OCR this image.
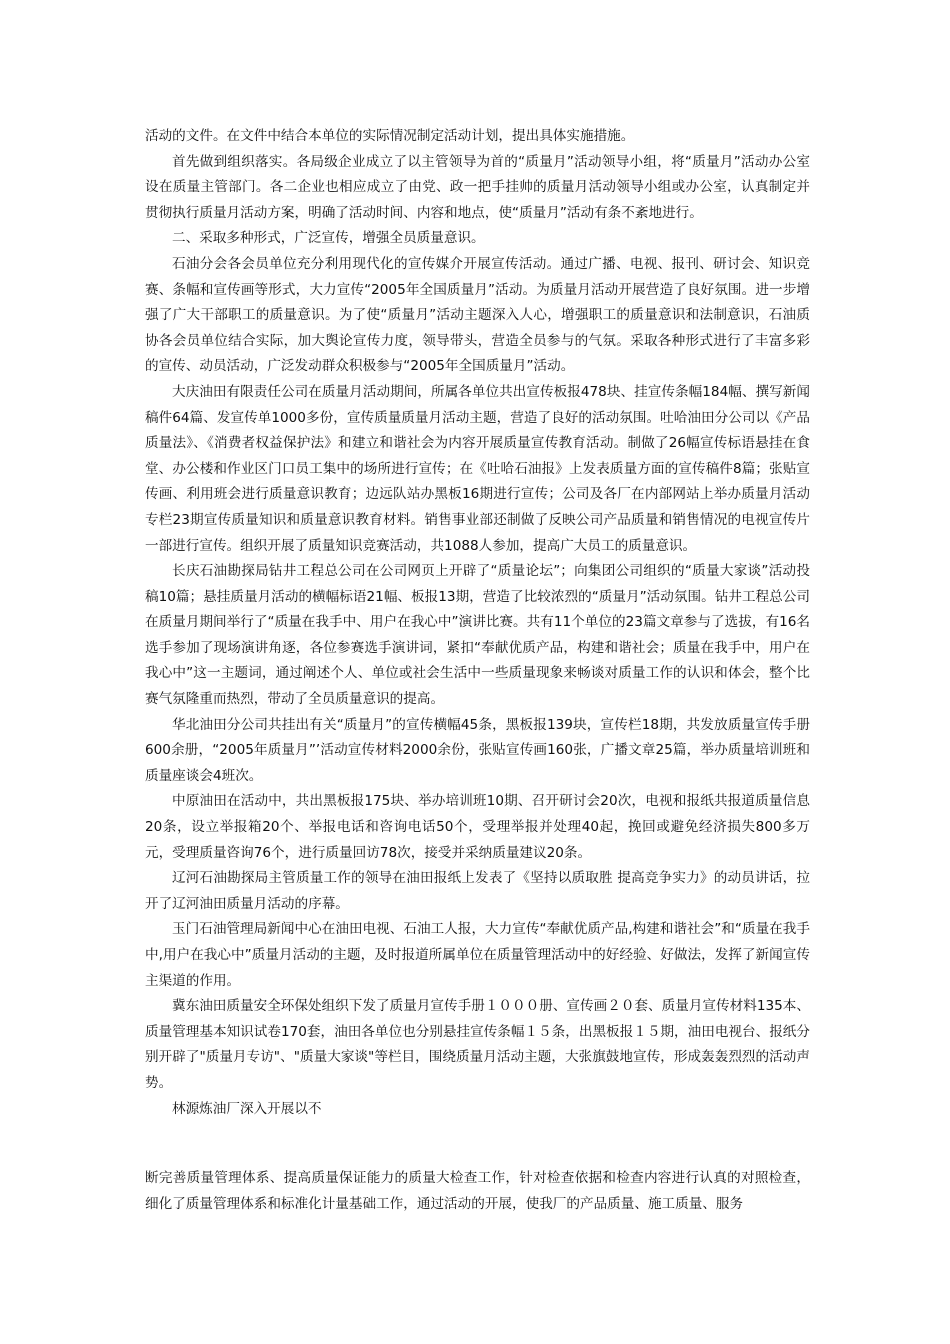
活动的文件。在文件中结合本单位的实际情况制定活动计划，提出具体实施措施。

首先做到组织落实。各局级企业成立了以主管领导为首的“质量月”活动领导小组，将“质量月”活动办公室设在质量主管部门。各二企业也相应成立了由党、政一把手挂帅的质量月活动领导小组或办公室，认真制定并贯彻执行质量月活动方案，明确了活动时间、内容和地点，使“质量月”活动有条不紊地进行。

二、采取多种形式，广泛宣传，增强全员质量意识。

石油分会各会员单位充分利用现代化的宣传媒介开展宣传活动。通过广播、电视、报刊、研讨会、知识竞赛、条幅和宣传画等形式，大力宣传“2005年全国质量月”活动。为质量月活动开展营造了良好氛围。进一步增强了广大干部职工的质量意识。为了使“质量月”活动主题深入人心，增强职工的质量意识和法制意识，石油质协各会员单位结合实际，加大舆论宣传力度，领导带头，营造全员参与的气氛。采取各种形式进行了丰富多彩的宣传、动员活动，广泛发动群众积极参与“2005年全国质量月”活动。

大庆油田有限责任公司在质量月活动期间，所属各单位共出宣传板报478块、挂宣传条幅184幅、撰写新闻稿件64篇、发宣传单1000多份，宣传质量质量月活动主题，营造了良好的活动氛围。吐哈油田分公司以《产品质量法》、《消费者权益保护法》和建立和谐社会为内容开展质量宣传教育活动。制做了26幅宣传标语悬挂在食堂、办公楼和作业区门口员工集中的场所进行宣传；在《吐哈石油报》上发表质量方面的宣传稿件8篇；张贴宣传画、利用班会进行质量意识教育；边远队站办黑板16期进行宣传；公司及各厂在内部网站上举办质量月活动专栏23期宣传质量知识和质量意识教育材料。销售事业部还制做了反映公司产品质量和销售情况的电视宣传片一部进行宣传。组织开展了质量知识竞赛活动，共1088人参加，提高广大员工的质量意识。

长庆石油勘探局钻井工程总公司在公司网页上开辟了“质量论坛”；向集团公司组织的“质量大家谈”活动投稿10篇；悬挂质量月活动的横幅标语21幅、板报13期，营造了比较浓烈的“质量月”活动氛围。钻井工程总公司在质量月期间举行了“质量在我手中、用户在我心中”演讲比赛。共有11个单位的23篇文章参与了选拔，有16名选手参加了现场演讲角逐，各位参赛选手演讲词，紧扣“奉献优质产品，构建和谐社会；质量在我手中，用户在我心中”这一主题词，通过阐述个人、单位或社会生活中一些质量现象来畅谈对质量工作的认识和体会，整个比赛气氛隆重而热烈，带动了全员质量意识的提高。

华北油田分公司共挂出有关“质量月”的宣传横幅45条，黑板报139块，宣传栏18期，共发放质量宣传手册600余册，“2005年质量月”’活动宣传材料2000余份，张贴宣传画160张，广播文章25篇，举办质量培训班和质量座谈会4班次。

中原油田在活动中，共出黑板报175块、举办培训班10期、召开研讨会20次，电视和报纸共报道质量信息20条，设立举报箱20个、举报电话和咨询电话50个，受理举报并处理40起，挽回或避免经济损失800多万元，受理质量咨询76个，进行质量回访78次，接受并采纳质量建议20条。

辽河石油勘探局主管质量工作的领导在油田报纸上发表了《坚持以质取胜 提高竞争实力》的动员讲话，拉开了辽河油田质量月活动的序幕。

玉门石油管理局新闻中心在油田电视、石油工人报，大力宣传“奉献优质产品,构建和谐社会”和“质量在我手中,用户在我心中”质量月活动的主题，及时报道所属单位在质量管理活动中的好经验、好做法，发挥了新闻宣传主渠道的作用。

冀东油田质量安全环保处组织下发了质量月宣传手册１０００册、宣传画２０套、质量月宣传材料135本、质量管理基本知识试卷170套，油田各单位也分别悬挂宣传条幅１５条，出黑板报１５期，油田电视台、报纸分别开辟了"质量月专访"、"质量大家谈"等栏目，围绕质量月活动主题，大张旗鼓地宣传，形成轰轰烈烈的活动声势。

林源炼油厂深入开展以不

断完善质量管理体系、提高质量保证能力的质量大检查工作，针对检查依据和检查内容进行认真的对照检查，细化了质量管理体系和标准化计量基础工作，通过活动的开展，使我厂的产品质量、施工质量、服务
